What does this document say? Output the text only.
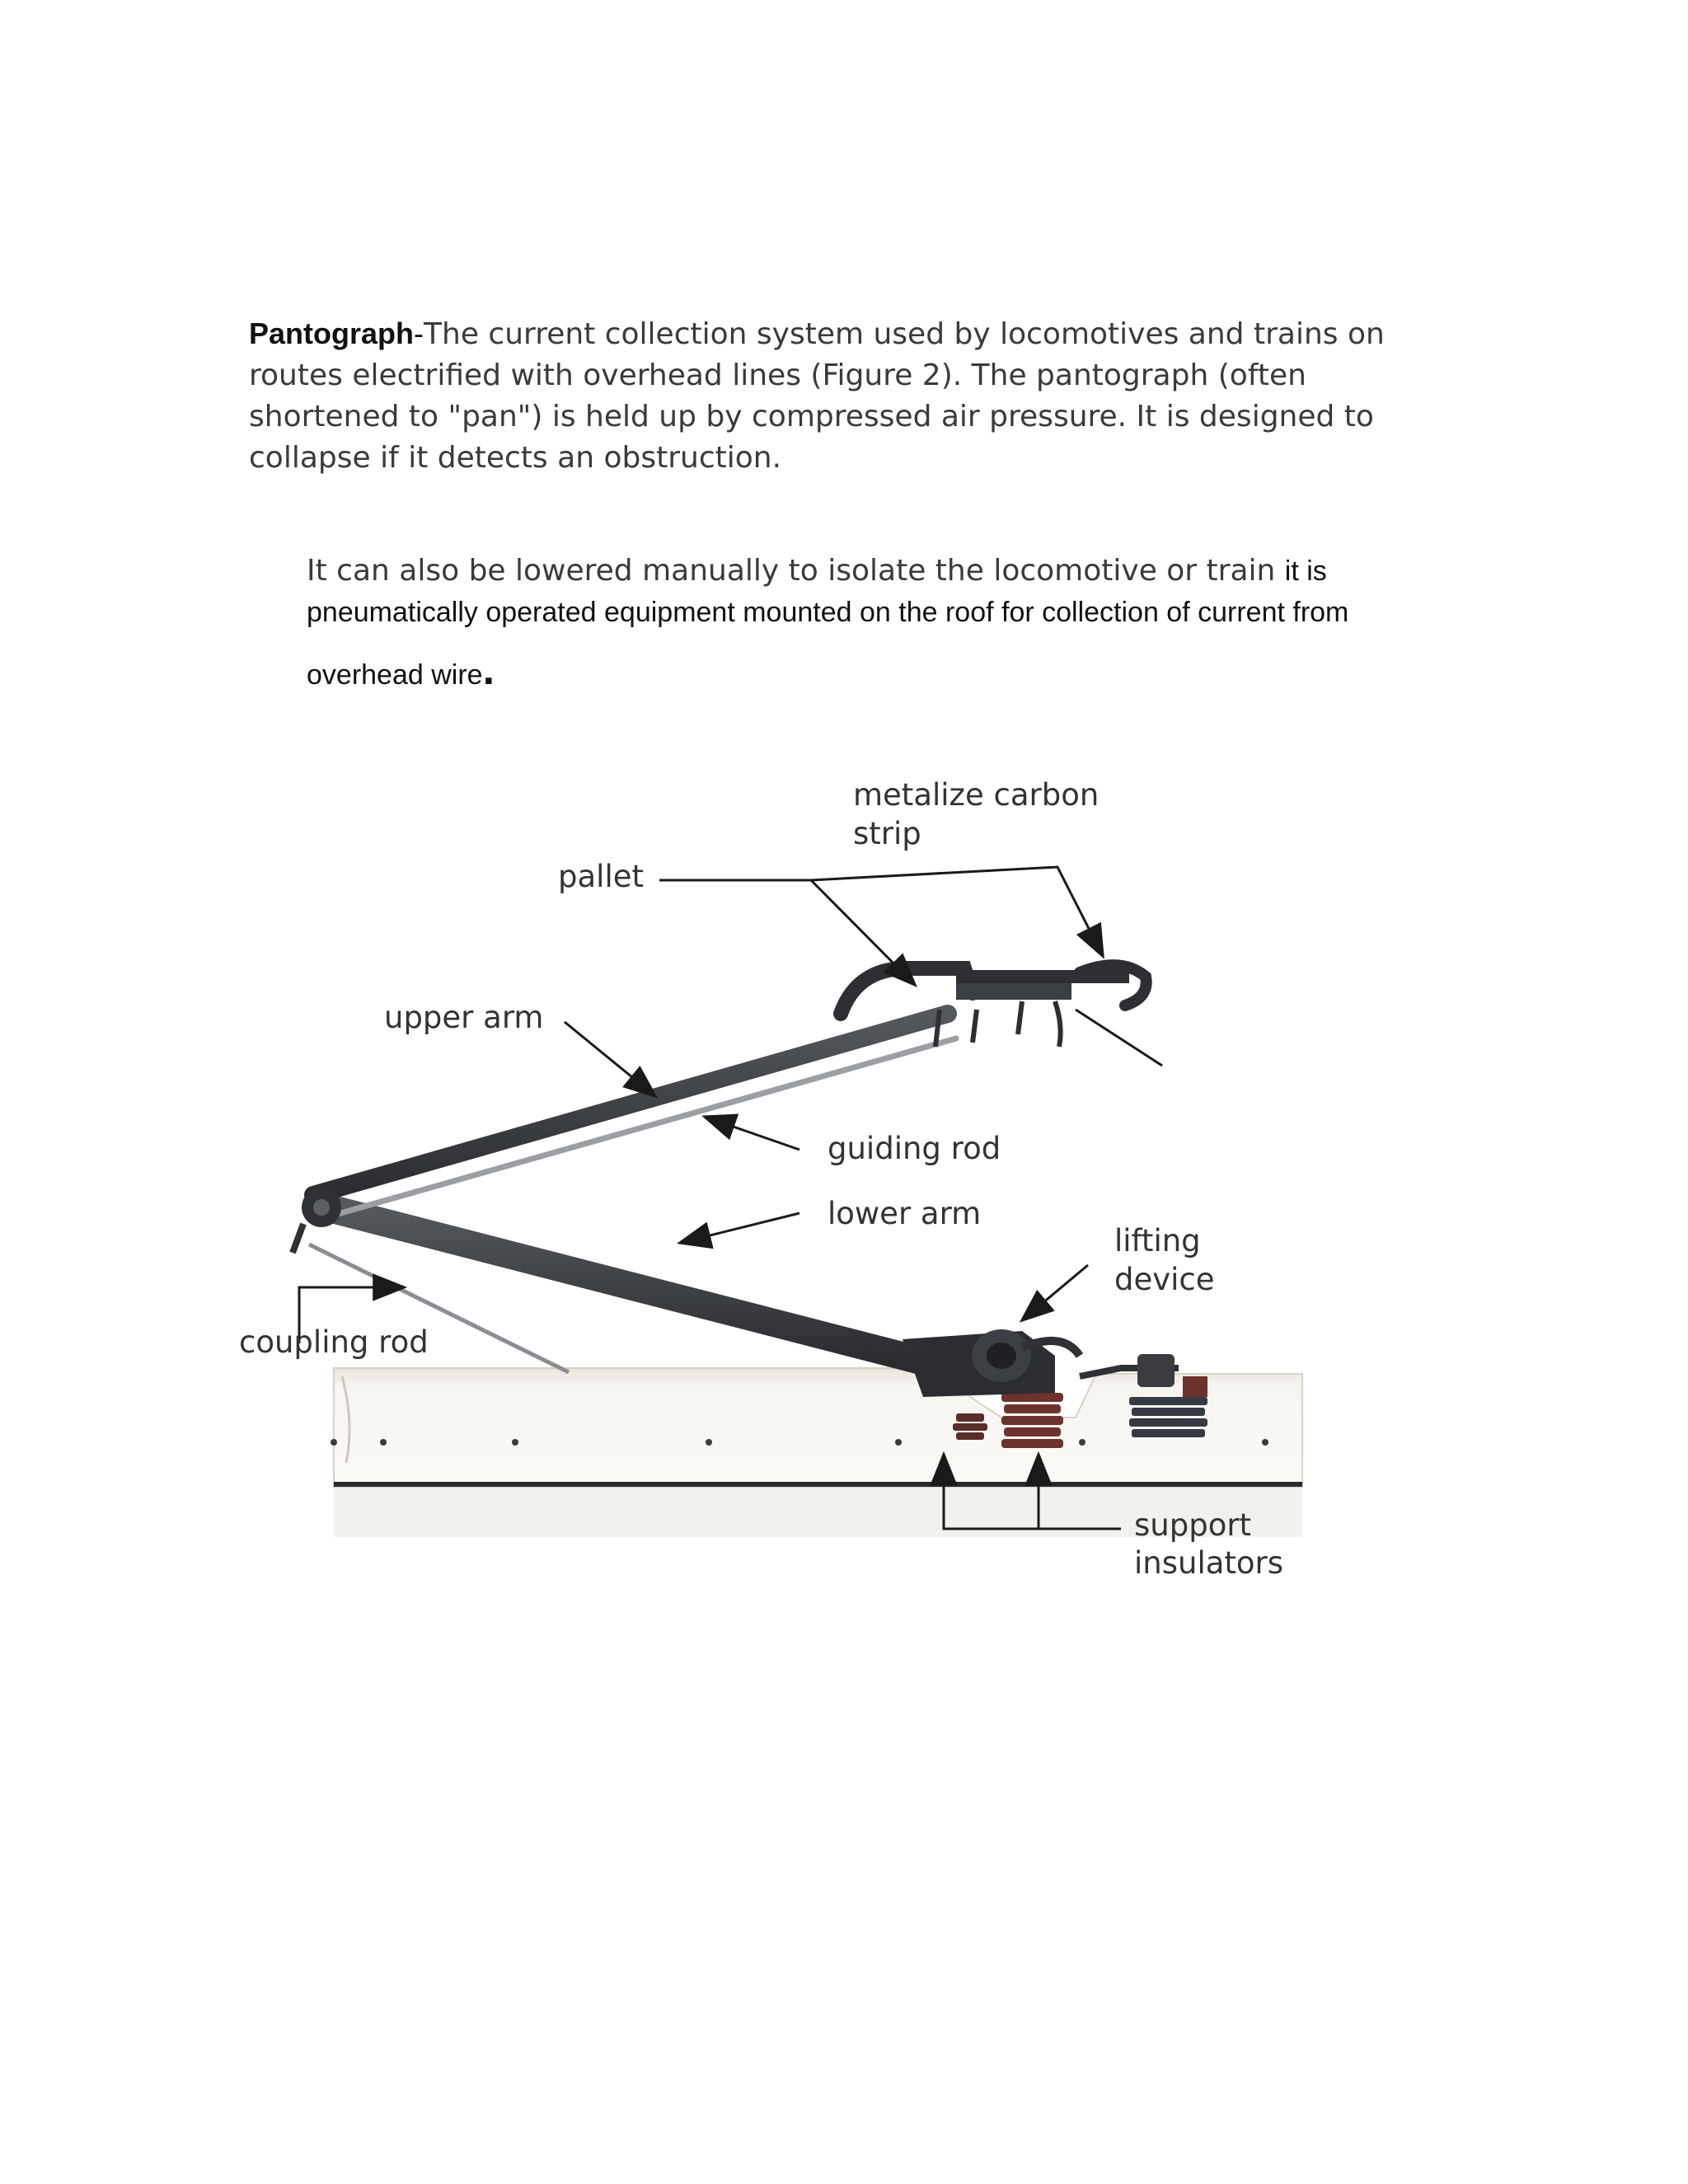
Pantograph-The current collection system used by locomotives and trains on routes electrified with overhead lines (Figure 2). The pantograph (often shortened to "pan") is held up by compressed air pressure. It is designed to collapse if it detects an obstruction.
It can also be lowered manually to isolate the locomotive or train it is
pneumatically operated equipment mounted on the roof for collection of current from
overhead wire.
metalize carbon
strip
pallet
upper arm
guiding rod
lower arm
lifting
device
coupling rod
support
insulators
